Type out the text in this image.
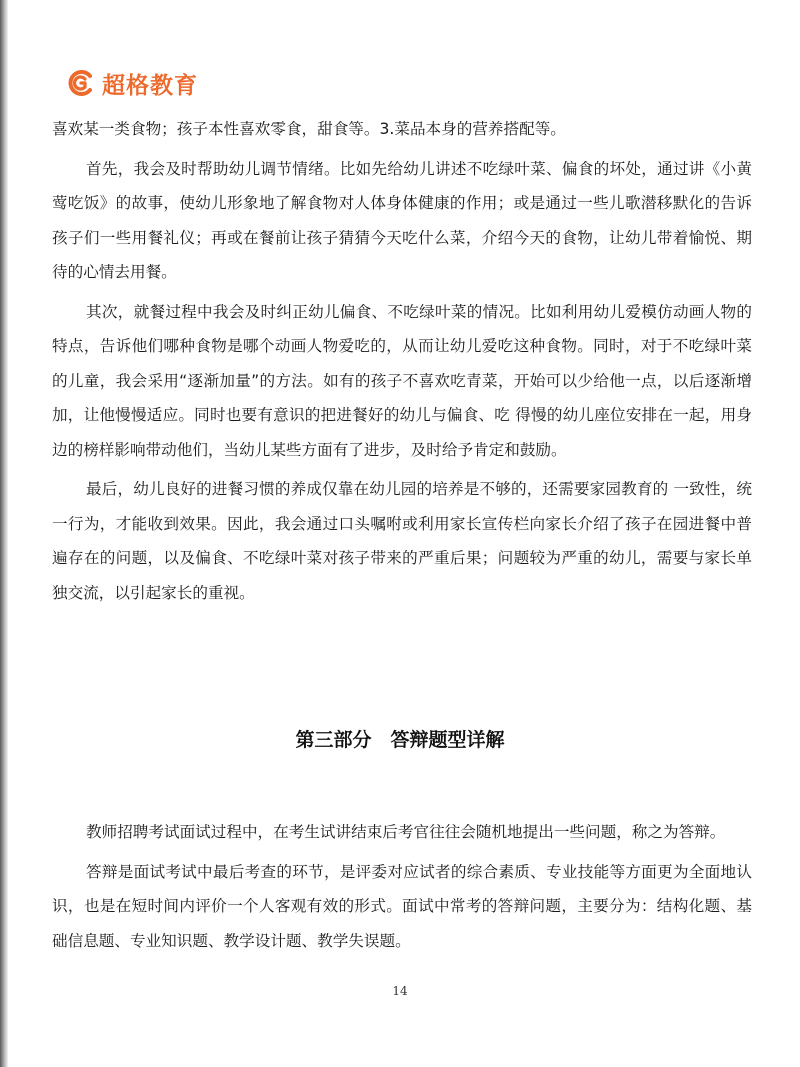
超格教育

喜欢某一类食物；孩子本性喜欢零食，甜食等。3.菜品本身的营养搭配等。

首先，我会及时帮助幼儿调节情绪。比如先给幼儿讲述不吃绿叶菜、偏食的坏处，通过讲《小黄莺吃饭》的故事，使幼儿形象地了解食物对人体身体健康的作用；或是通过一些儿歌潜移默化的告诉孩子们一些用餐礼仪；再或在餐前让孩子猜猜今天吃什么菜，介绍今天的食物，让幼儿带着愉悦、期待的心情去用餐。

其次，就餐过程中我会及时纠正幼儿偏食、不吃绿叶菜的情况。比如利用幼儿爱模仿动画人物的特点，告诉他们哪种食物是哪个动画人物爱吃的，从而让幼儿爱吃这种食物。同时，对于不吃绿叶菜的儿童，我会采用“逐渐加量”的方法。如有的孩子不喜欢吃青菜，开始可以少给他一点，以后逐渐增加，让他慢慢适应。同时也要有意识的把进餐好的幼儿与偏食、吃 得慢的幼儿座位安排在一起，用身边的榜样影响带动他们，当幼儿某些方面有了进步，及时给予肯定和鼓励。

最后，幼儿良好的进餐习惯的养成仅靠在幼儿园的培养是不够的，还需要家园教育的 一致性，统一行为，才能收到效果。因此，我会通过口头嘱咐或利用家长宣传栏向家长介绍了孩子在园进餐中普遍存在的问题，以及偏食、不吃绿叶菜对孩子带来的严重后果；问题较为严重的幼儿，需要与家长单独交流，以引起家长的重视。

第三部分　答辩题型详解

教师招聘考试面试过程中，在考生试讲结束后考官往往会随机地提出一些问题，称之为答辩。

答辩是面试考试中最后考查的环节，是评委对应试者的综合素质、专业技能等方面更为全面地认识，也是在短时间内评价一个人客观有效的形式。面试中常考的答辩问题，主要分为：结构化题、基础信息题、专业知识题、教学设计题、教学失误题。

14
